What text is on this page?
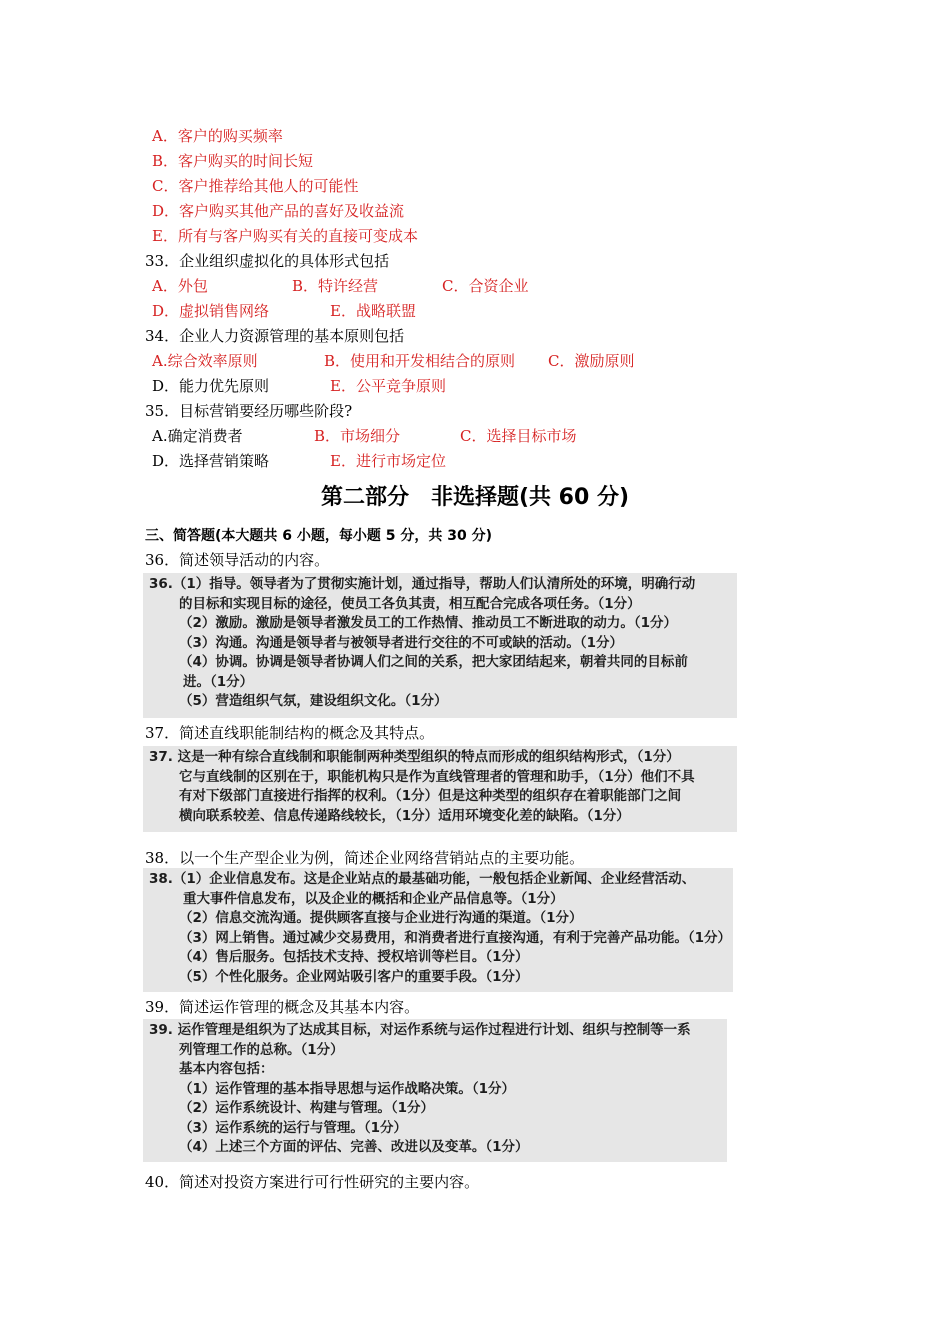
A．客户的购买频率
B．客户购买的时间长短
C．客户推荐给其他人的可能性
D．客户购买其他产品的喜好及收益流
E．所有与客户购买有关的直接可变成本
33．企业组织虚拟化的具体形式包括
A．外包	B．特许经营	C．合资企业
D．虚拟销售网络	E．战略联盟
34．企业人力资源管理的基本原则包括
A.综合效率原则	B．使用和开发相结合的原则 C．激励原则
D．能力优先原则	E．公平竞争原则
35．目标营销要经历哪些阶段?
A.确定消费者	B．市场细分	C．选择目标市场
D．选择营销策略	E．进行市场定位
第二部分　非选择题(共 60 分)
三、简答题(本大题共 6 小题，每小题 5 分，共 30 分)
36．简述领导活动的内容。
36.（1）指导。领导者为了贯彻实施计划，通过指导，帮助人们认清所处的环境，明确行动
的目标和实现目标的途径，使员工各负其责，相互配合完成各项任务。（1分）
（2）激励。激励是领导者激发员工的工作热情、推动员工不断进取的动力。（1分）
（3）沟通。沟通是领导者与被领导者进行交往的不可或缺的活动。（1分）
（4）协调。协调是领导者协调人们之间的关系，把大家团结起来，朝着共同的目标前
进。（1分）
（5）营造组织气氛，建设组织文化。（1分）
37．简述直线职能制结构的概念及其特点。
37. 这是一种有综合直线制和职能制两种类型组织的特点而形成的组织结构形式，（1分）
它与直线制的区别在于，职能机构只是作为直线管理者的管理和助手，（1分）他们不具
有对下级部门直接进行指挥的权利。（1分）但是这种类型的组织存在着职能部门之间
横向联系较差、信息传递路线较长，（1分）适用环境变化差的缺陷。（1分）
38．以一个生产型企业为例，简述企业网络营销站点的主要功能。
38.（1）企业信息发布。这是企业站点的最基础功能，一般包括企业新闻、企业经营活动、
重大事件信息发布，以及企业的概括和企业产品信息等。（1分）
（2）信息交流沟通。提供顾客直接与企业进行沟通的渠道。（1分）
（3）网上销售。通过减少交易费用，和消费者进行直接沟通，有利于完善产品功能。（1分）
（4）售后服务。包括技术支持、授权培训等栏目。（1分）
（5）个性化服务。企业网站吸引客户的重要手段。（1分）
39．简述运作管理的概念及其基本内容。
39. 运作管理是组织为了达成其目标，对运作系统与运作过程进行计划、组织与控制等一系
列管理工作的总称。（1分）
基本内容包括：
（1）运作管理的基本指导思想与运作战略决策。（1分）
（2）运作系统设计、构建与管理。（1分）
（3）运作系统的运行与管理。（1分）
（4）上述三个方面的评估、完善、改进以及变革。（1分）
40．简述对投资方案进行可行性研究的主要内容。
